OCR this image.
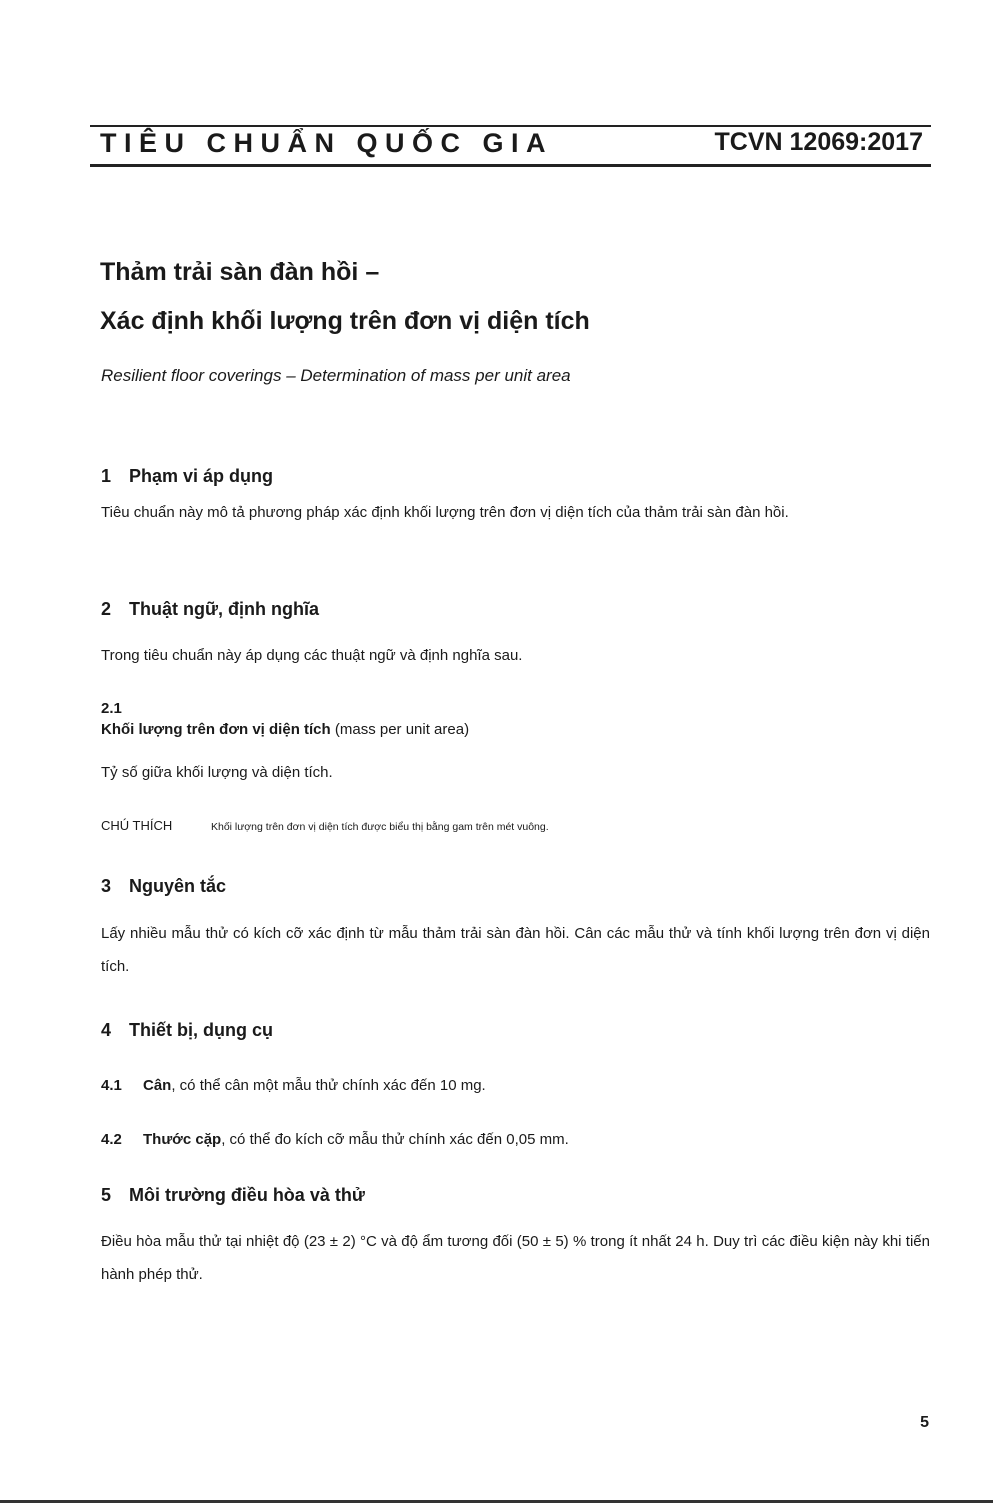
TIÊU CHUẨN QUỐC GIA	TCVN 12069:2017
Thảm trải sàn đàn hồi –
Xác định khối lượng trên đơn vị diện tích
Resilient floor coverings – Determination of mass per unit area
1 Phạm vi áp dụng

Tiêu chuẩn này mô tả phương pháp xác định khối lượng trên đơn vị diện tích của thảm trải sàn đàn hồi.

2 Thuật ngữ, định nghĩa
Trong tiêu chuẩn này áp dụng các thuật ngữ và định nghĩa sau.
2.1
Khối lượng trên đơn vị diện tích (mass per unit area)
Tỷ số giữa khối lượng và diện tích.
CHÚ THÍCH	Khối lượng trên đơn vị diện tích được biểu thị bằng gam trên mét vuông.
3 Nguyên tắc

Lấy nhiều mẫu thử có kích cỡ xác định từ mẫu thảm trải sàn đàn hồi. Cân các mẫu thử và tính khối lượng trên đơn vị diện tích.

4 Thiết bị, dụng cụ
4.1 Cân, có thể cân một mẫu thử chính xác đến 10 mg.
4.2 Thước cặp, có thể đo kích cỡ mẫu thử chính xác đến 0,05 mm.
5 Môi trường điều hòa và thử

Điều hòa mẫu thử tại nhiệt độ (23 ± 2) °C và độ ẩm tương đối (50 ± 5) % trong ít nhất 24 h. Duy trì các điều kiện này khi tiến hành phép thử.

5
